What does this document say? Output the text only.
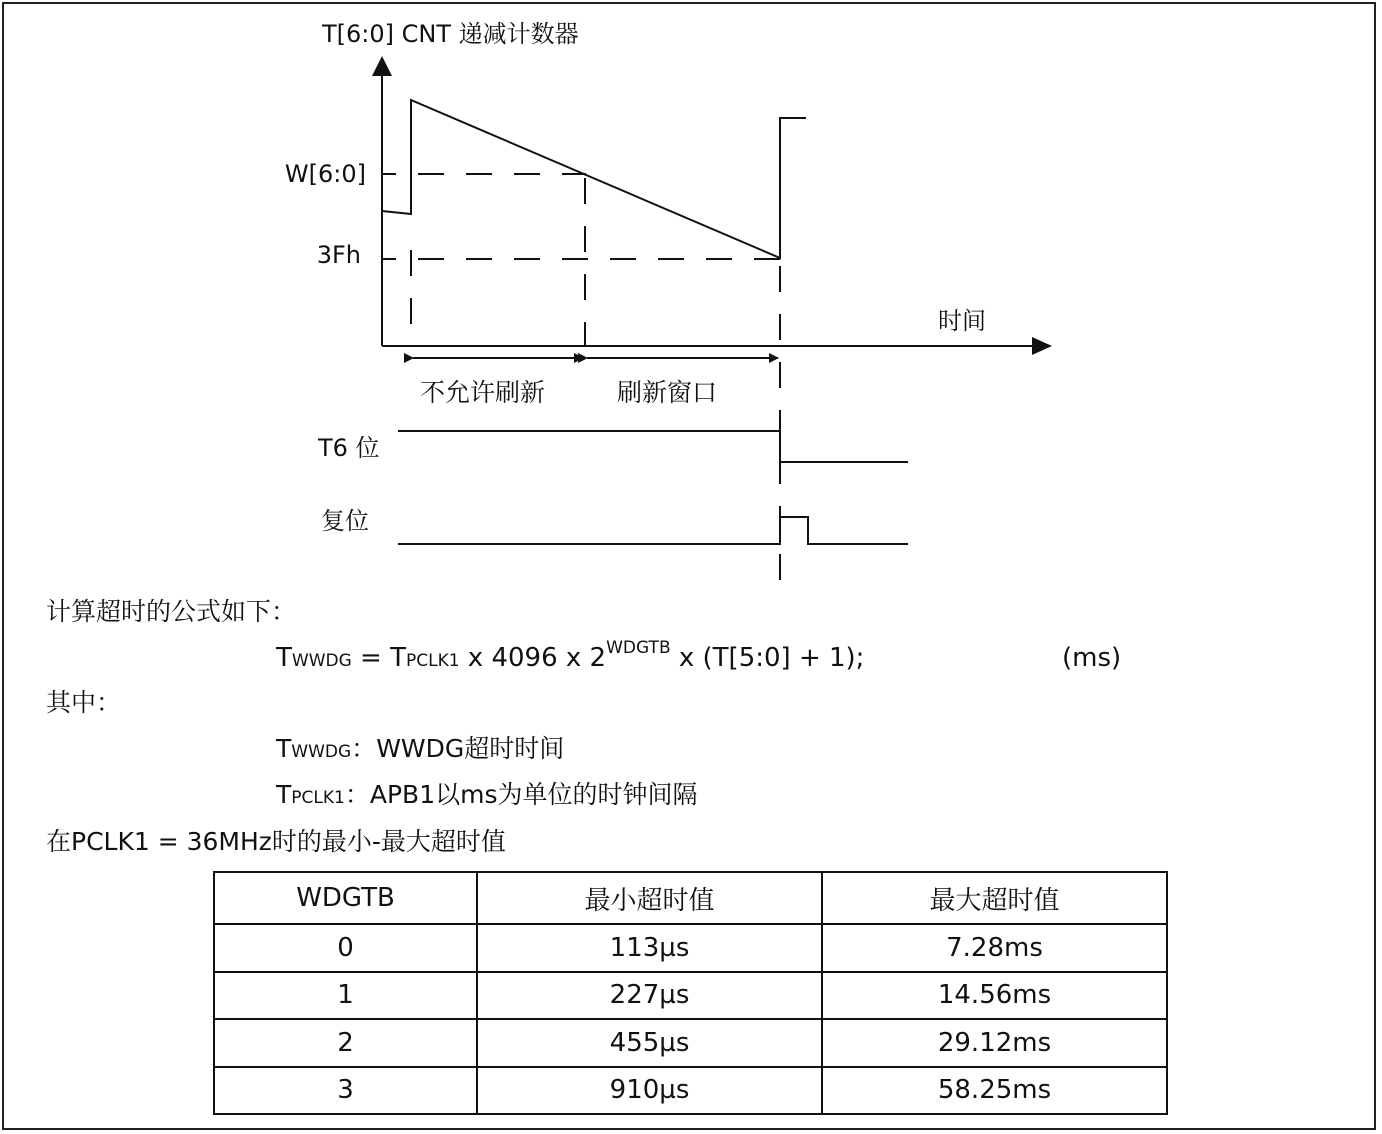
T[6:0] CNT 递减计数器
W[6:0]
3Fh
时间
不允许刷新	刷新窗口
T6 位
复位
计算超时的公式如下：
TWWDG = TPCLK1 x 4096 x $2^{WDGTB}$ x (T[5:0] + 1);	(ms)
其中：
TWWDG：WWDG超时时间
TPCLK1：APB1以ms为单位的时钟间隔
在PCLK1 = 36MHz时的最小-最大超时值
WDGTB	最小超时值	最大超时值
0	113µs	7.28ms
1	227µs	14.56ms
2	455µs	29.12ms
3	910µs	58.25ms
